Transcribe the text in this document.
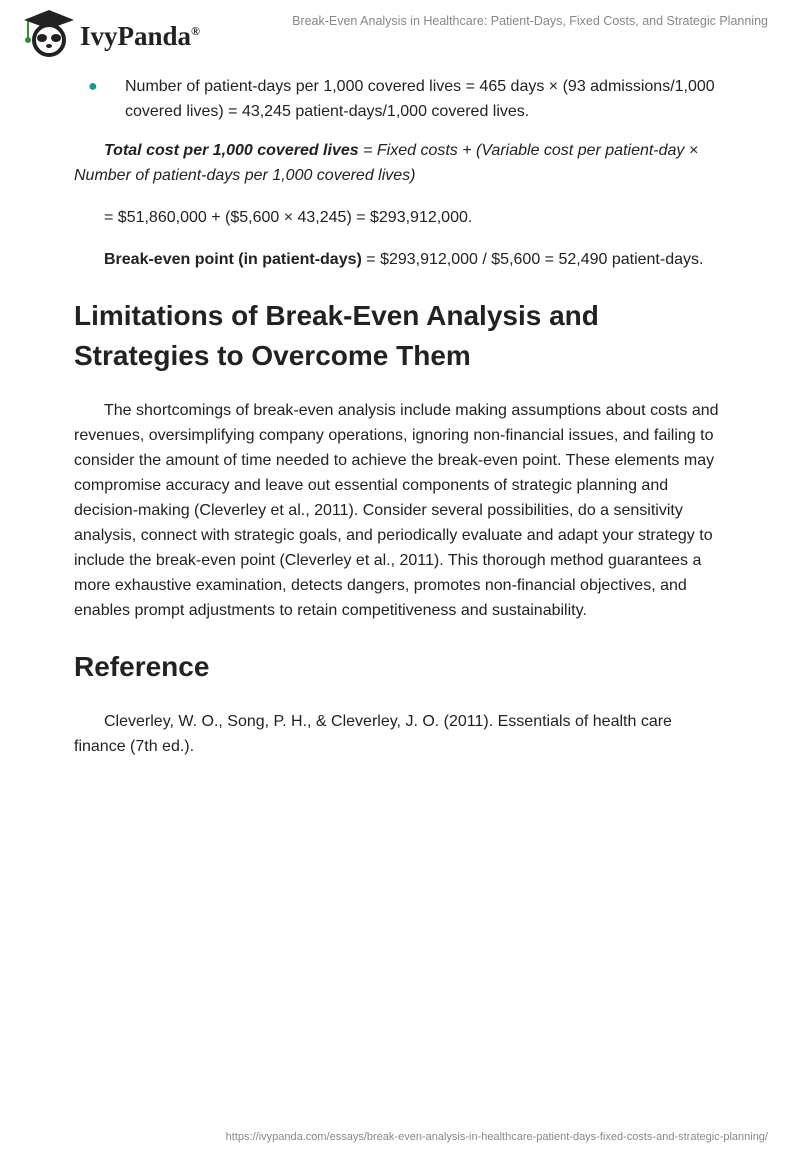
IvyPanda®
Break-Even Analysis in Healthcare: Patient-Days, Fixed Costs, and Strategic Planning
● Number of patient-days per 1,000 covered lives = 465 days × (93 admissions/1,000 covered lives) = 43,245 patient-days/1,000 covered lives.

Total cost per 1,000 covered lives = Fixed costs + (Variable cost per patient-day × Number of patient-days per 1,000 covered lives)

= $51,860,000 + ($5,600 × 43,245) = $293,912,000.

Break-even point (in patient-days) = $293,912,000 / $5,600 = 52,490 patient-days.

Limitations of Break-Even Analysis and Strategies to Overcome Them

The shortcomings of break-even analysis include making assumptions about costs and revenues, oversimplifying company operations, ignoring non-financial issues, and failing to consider the amount of time needed to achieve the break-even point. These elements may compromise accuracy and leave out essential components of strategic planning and decision-making (Cleverley et al., 2011). Consider several possibilities, do a sensitivity analysis, connect with strategic goals, and periodically evaluate and adapt your strategy to include the break-even point (Cleverley et al., 2011). This thorough method guarantees a more exhaustive examination, detects dangers, promotes non-financial objectives, and enables prompt adjustments to retain competitiveness and sustainability.

Reference

Cleverley, W. O., Song, P. H., & Cleverley, J. O. (2011). Essentials of health care finance (7th ed.).

https://ivypanda.com/essays/break-even-analysis-in-healthcare-patient-days-fixed-costs-and-strategic-planning/
